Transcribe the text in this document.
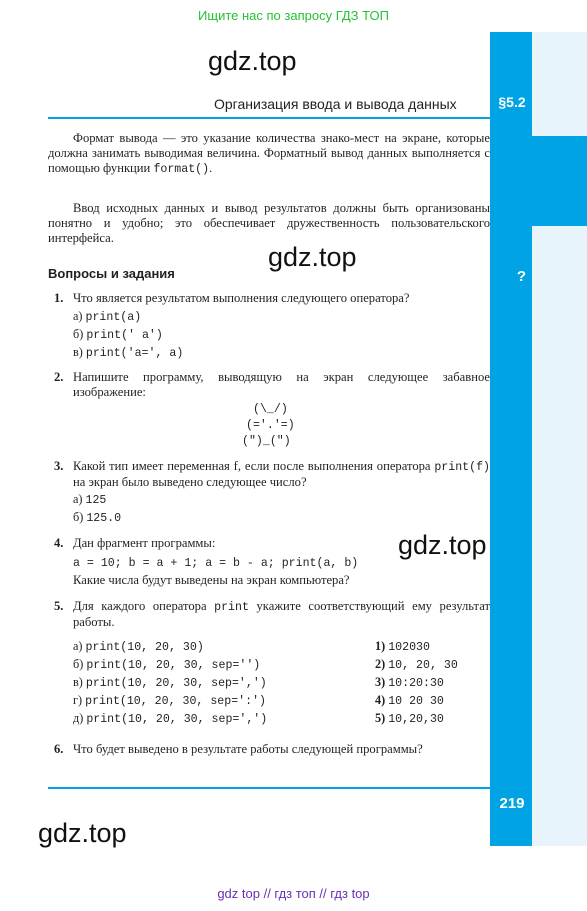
Ищите нас по запросу ГДЗ ТОП
gdz.top
Организация ввода и вывода данных	§5.2

Формат вывода — это указание количества знако-мест на экране, которые должна занимать выводимая величина. Форматный вывод данных выполняется с помощью функции format().

Ввод исходных данных и вывод результатов должны быть организованы понятно и удобно; это обеспечивает дружественность пользовательского интерфейса.

Вопросы и задания
gdz.top
?
1. Что является результатом выполнения следующего оператора?
а) print(a)
б) print(' a')
в) print('a=', a)
2. Напишите программу, выводящую на экран следующее забавное изображение:
(\_/)
(='.'=)
(")_(")
3. Какой тип имеет переменная f, если после выполнения оператора print(f) на экран было выведено следующее число?
а) 125
б) 125.0
4. Дан фрагмент программы:
a = 10; b = a + 1; a = b - a; print(a, b)
Какие числа будут выведены на экран компьютера?
gdz.top
5. Для каждого оператора print укажите соответствующий ему результат работы.
а) print(10, 20, 30)
б) print(10, 20, 30, sep='')
в) print(10, 20, 30, sep=',')
г) print(10, 20, 30, sep=':')
д) print(10, 20, 30, sep=',')
1) 102030
2) 10, 20, 30
3) 10:20:30
4) 10 20 30
5) 10,20,30
6. Что будет выведено в результате работы следующей программы?
219
gdz.top
gdz top // гдз топ // гдз top
